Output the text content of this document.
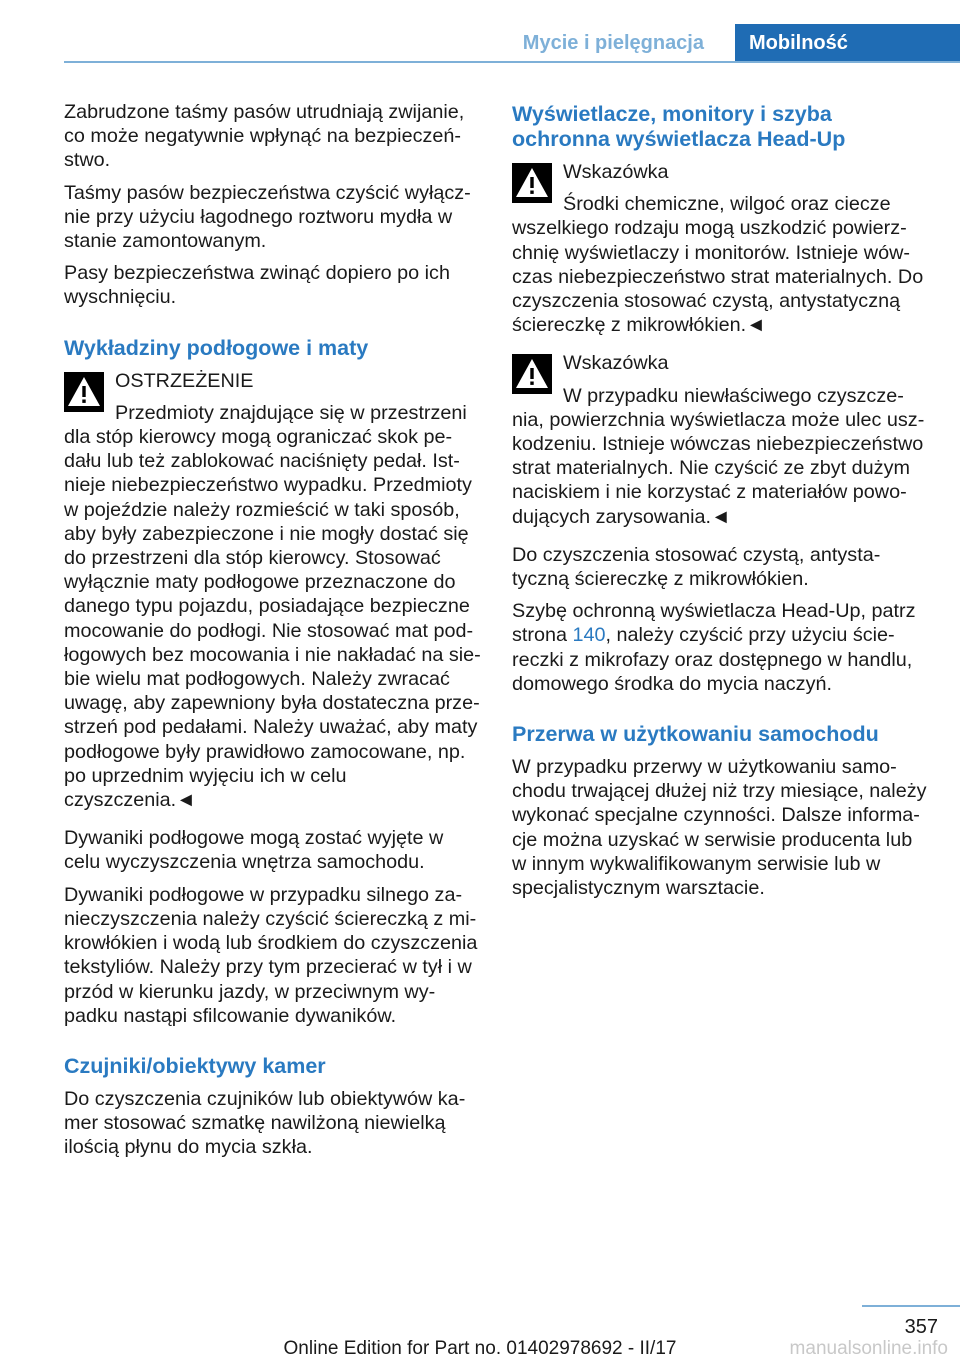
Mycie i pielęgnacja	Mobilność

Zabrudzone taśmy pasów utrudniają zwijanie, co może negatywnie wpłynąć na bezpieczeń‐stwo.

Taśmy pasów bezpieczeństwa czyścić wyłącz‐nie przy użyciu łagodnego roztworu mydła w stanie zamontowanym.

Pasy bezpieczeństwa zwinąć dopiero po ich wyschnięciu.

Wykładziny podłogowe i maty
OSTRZEŻENIE
Przedmioty znajdujące się w przestrzeni dla stóp kierowcy mogą ograniczać skok pe‐dału lub też zablokować naciśnięty pedał. Ist‐nieje niebezpieczeństwo wypadku. Przedmioty w pojeździe należy rozmieścić w taki sposób, aby były zabezpieczone i nie mogły dostać się do przestrzeni dla stóp kierowcy. Stosować wyłącznie maty podłogowe przeznaczone do danego typu pojazdu, posiadające bezpieczne mocowanie do podłogi. Nie stosować mat pod‐łogowych bez mocowania i nie nakładać na sie‐bie wielu mat podłogowych. Należy zwracać uwagę, aby zapewniony była dostateczna prze‐strzeń pod pedałami. Należy uważać, aby maty podłogowe były prawidłowo zamocowane, np. po uprzednim wyjęciu ich w celu czyszczenia.◄

Dywaniki podłogowe mogą zostać wyjęte w celu wyczyszczenia wnętrza samochodu.

Dywaniki podłogowe w przypadku silnego za‐nieczyszczenia należy czyścić ściereczką z mi‐krowłókien i wodą lub środkiem do czyszczenia tekstyliów. Należy przy tym przecierać w tył i w przód w kierunku jazdy, w przeciwnym wy‐padku nastąpi sfilcowanie dywaników.

Czujniki/obiektywy kamer

Do czyszczenia czujników lub obiektywów ka‐mer stosować szmatkę nawilżoną niewielką ilością płynu do mycia szkła.

Wyświetlacze, monitory i szyba ochronna wyświetlacza Head-Up
Wskazówka
Środki chemiczne, wilgoć oraz ciecze wszelkiego rodzaju mogą uszkodzić powierz‐chnię wyświetlaczy i monitorów. Istnieje wów‐czas niebezpieczeństwo strat materialnych. Do czyszczenia stosować czystą, antystatyczną ściereczkę z mikrowłókien.◄
Wskazówka
W przypadku niewłaściwego czyszcze‐nia, powierzchnia wyświetlacza może ulec usz‐kodzeniu. Istnieje wówczas niebezpieczeństwo strat materialnych. Nie czyścić ze zbyt dużym naciskiem i nie korzystać z materiałów powo‐dujących zarysowania.◄

Do czyszczenia stosować czystą, antysta‐tyczną ściereczkę z mikrowłókien.

Szybę ochronną wyświetlacza Head-Up, patrz strona 140, należy czyścić przy użyciu ście‐reczki z mikrofazy oraz dostępnego w handlu, domowego środka do mycia naczyń.

Przerwa w użytkowaniu samochodu

W przypadku przerwy w użytkowaniu samo‐chodu trwającej dłużej niż trzy miesiące, należy wykonać specjalne czynności. Dalsze informa‐cje można uzyskać w serwisie producenta lub w innym wykwalifikowanym serwisie lub w specjalistycznym warsztacie.

357
Online Edition for Part no. 01402978692 - II/17	manualsonline.info
